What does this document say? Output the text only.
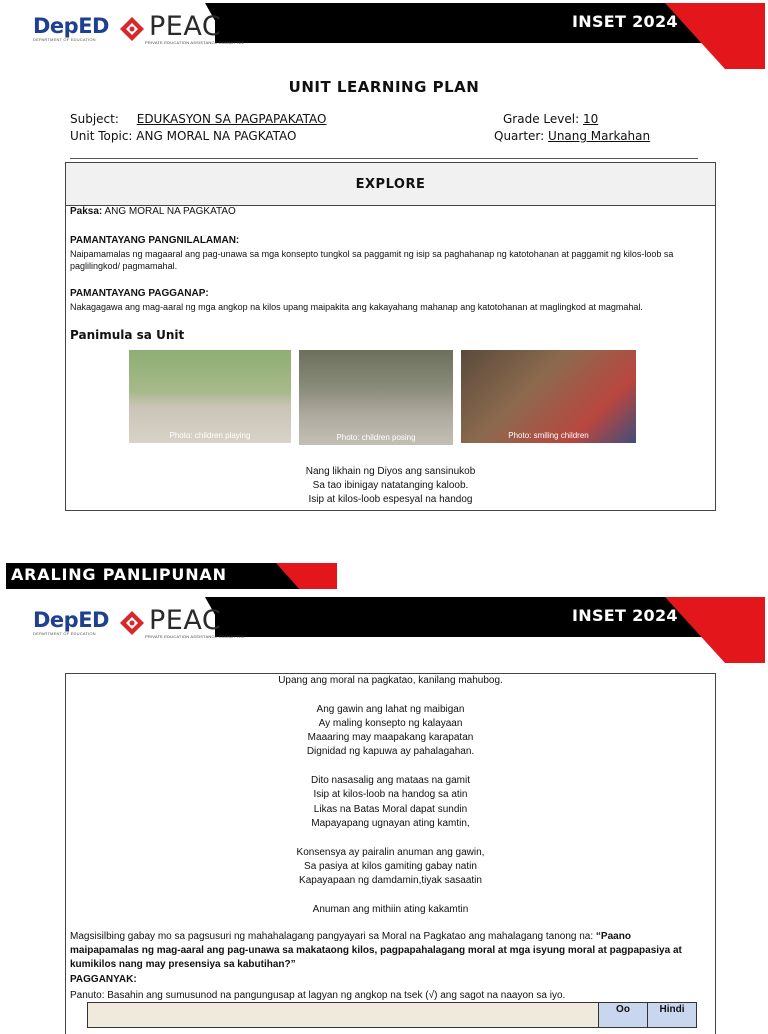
INSET 2024
DepED
DEPARTMENT OF EDUCATION	PEAC
PRIVATE EDUCATION ASSISTANCE COMMITTEE
UNIT LEARNING PLAN
Subject: EDUKASYON SA PAGPAPAKATAO
Unit Topic: ANG MORAL NA PAGKATAO
Grade Level: 10
Quarter: Unang Markahan
EXPLORE
Paksa: ANG MORAL NA PAGKATAO
PAMANTAYANG PANGNILALAMAN:
Naipamamalas ng magaaral ang pag-unawa sa mga konsepto tungkol sa paggamit ng isip sa paghahanap ng katotohanan at paggamit ng kilos-loob sa paglilingkod/ pagmamahal.
PAMANTAYANG PAGGANAP:
Nakagagawa ang mag-aaral ng mga angkop na kilos upang maipakita ang kakayahang mahanap ang katotohanan at maglingkod at magmahal.
Panimula sa Unit
Photo: children playing	Photo: children posing	Photo: smiling children

Nang likhain ng Diyos ang sansinukob

Sa tao ibinigay natatanging kaloob.

Isip at kilos-loob espesyal na handog

ARALING PANLIPUNAN
INSET 2024
DepED
DEPARTMENT OF EDUCATION	PEAC
PRIVATE EDUCATION ASSISTANCE COMMITTEE

Upang ang moral na pagkatao, kanilang mahubog.

Ang gawin ang lahat ng maibigan

Ay maling konsepto ng kalayaan

Maaaring may maapakang karapatan

Dignidad ng kapuwa ay pahalagahan.

Dito nasasalig ang mataas na gamit

Isip at kilos-loob na handog sa atin

Likas na Batas Moral dapat sundin

Mapayapang ugnayan ating kamtin,

Konsensya ay pairalin anuman ang gawin,

Sa pasiya at kilos gamiting gabay natin

Kapayapaan ng damdamin,tiyak sasaatin

Anuman ang mithiin ating kakamtin

Magsisilbing gabay mo sa pagsusuri ng mahahalagang pangyayari sa Moral na Pagkatao ang mahalagang tanong na: “Paano maipapamalas ng mag-aaral ang pag-unawa sa makataong kilos, pagpapahalagang moral at mga isyung moral at pagpapasiya at kumikilos nang may presensiya sa kabutihan?”
PAGGANYAK:
Panuto: Basahin ang sumusunod na pangungusap at lagyan ng angkop na tsek (√) ang sagot na naayon sa iyo.
	Oo	Hindi
